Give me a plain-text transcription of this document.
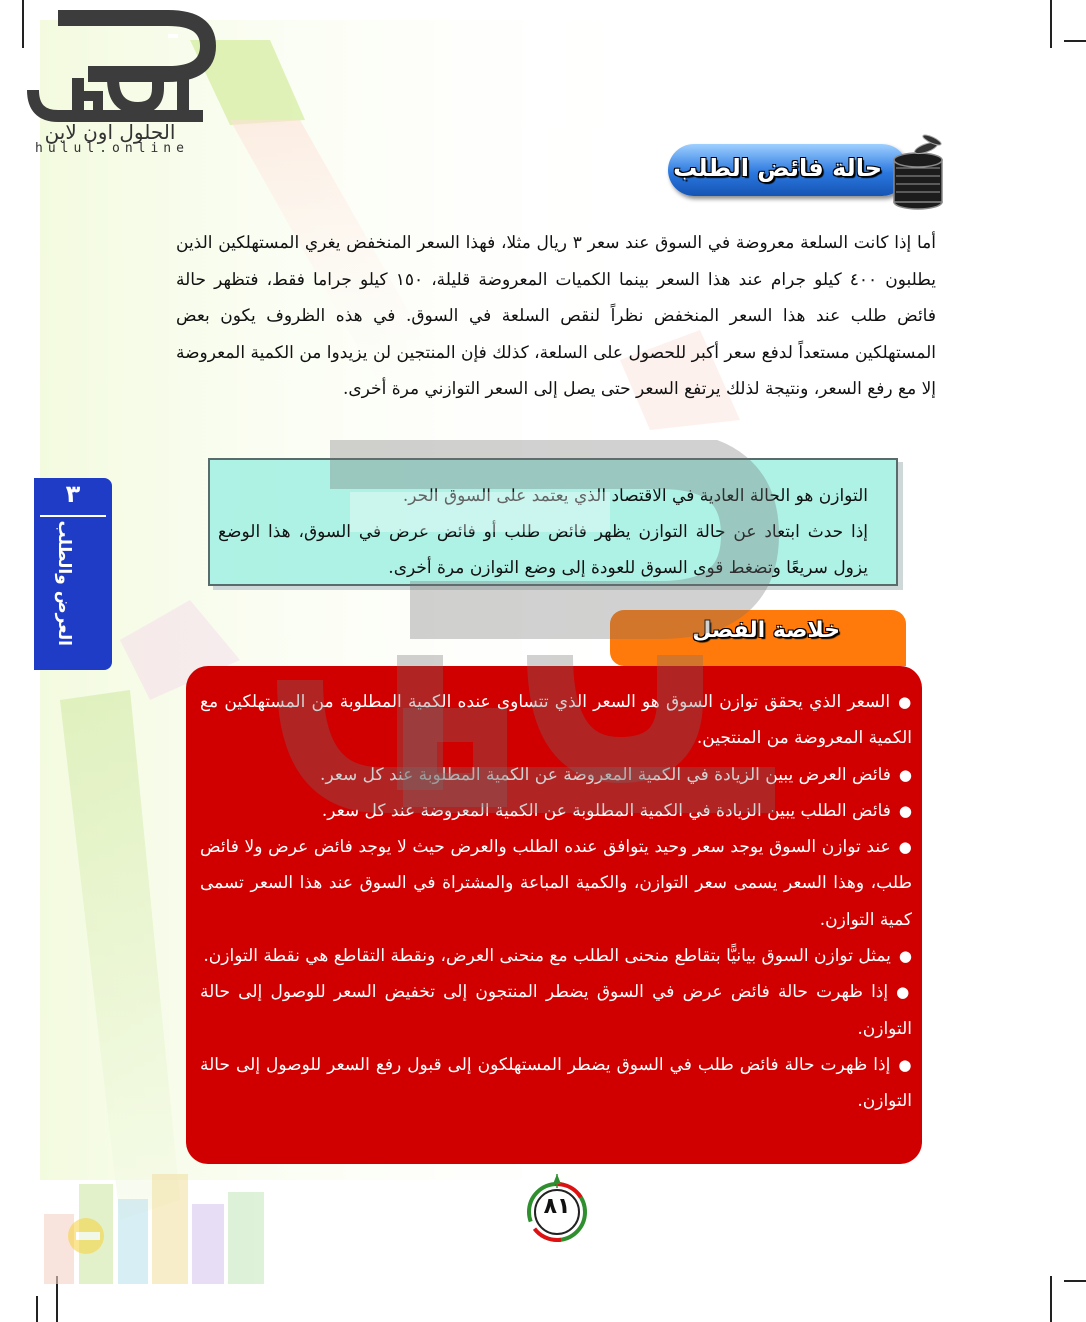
الحلول اون لاين
hulul.online
حالة فائض الطلب
أما إذا كانت السلعة معروضة في السوق عند سعر ٣ ريال مثلا، فهذا السعر المنخفض يغري المستهلكين الذين يطلبون ٤٠٠ كيلو جرام عند هذا السعر بينما الكميات المعروضة قليلة، ١٥٠ كيلو جراما فقط، فتظهر حالة فائض طلب عند هذا السعر المنخفض نظراً لنقص السلعة في السوق. في هذه الظروف يكون بعض المستهلكين مستعداً لدفع سعر أكبر للحصول على السلعة، كذلك فإن المنتجين لن يزيدوا من الكمية المعروضة إلا مع رفع السعر، ونتيجة لذلك يرتفع السعر حتى يصل إلى السعر التوازني مرة أخرى.

التوازن هو الحالة العادية في الاقتصاد الذي يعتمد على السوق الحر.

إذا حدث ابتعاد عن حالة التوازن يظهر فائض طلب أو فائض عرض في السوق، هذا الوضع يزول سريعًا وتضغط قوى السوق للعودة إلى وضع التوازن مرة أخرى.

٣
العرض والطلب	خلاصة الفصل
●السعر الذي يحقق توازن السوق هو السعر الذي تتساوى عنده الكمية المطلوبة من المستهلكين مع الكمية المعروضة من المنتجين.
●فائض العرض يبين الزيادة في الكمية المعروضة عن الكمية المطلوبة عند كل سعر.
●فائض الطلب يبين الزيادة في الكمية المطلوبة عن الكمية المعروضة عند كل سعر.
●عند توازن السوق يوجد سعر وحيد يتوافق عنده الطلب والعرض حيث لا يوجد فائض عرض ولا فائض طلب، وهذا السعر يسمى سعر التوازن، والكمية المباعة والمشتراة في السوق عند هذا السعر تسمى كمية التوازن.
●يمثل توازن السوق بيانيًّا بتقاطع منحنى الطلب مع منحنى العرض، ونقطة التقاطع هي نقطة التوازن.
●إذا ظهرت حالة فائض عرض في السوق يضطر المنتجون إلى تخفيض السعر للوصول إلى حالة التوازن.
●إذا ظهرت حالة فائض طلب في السوق يضطر المستهلكون إلى قبول رفع السعر للوصول إلى حالة التوازن.
٨١
